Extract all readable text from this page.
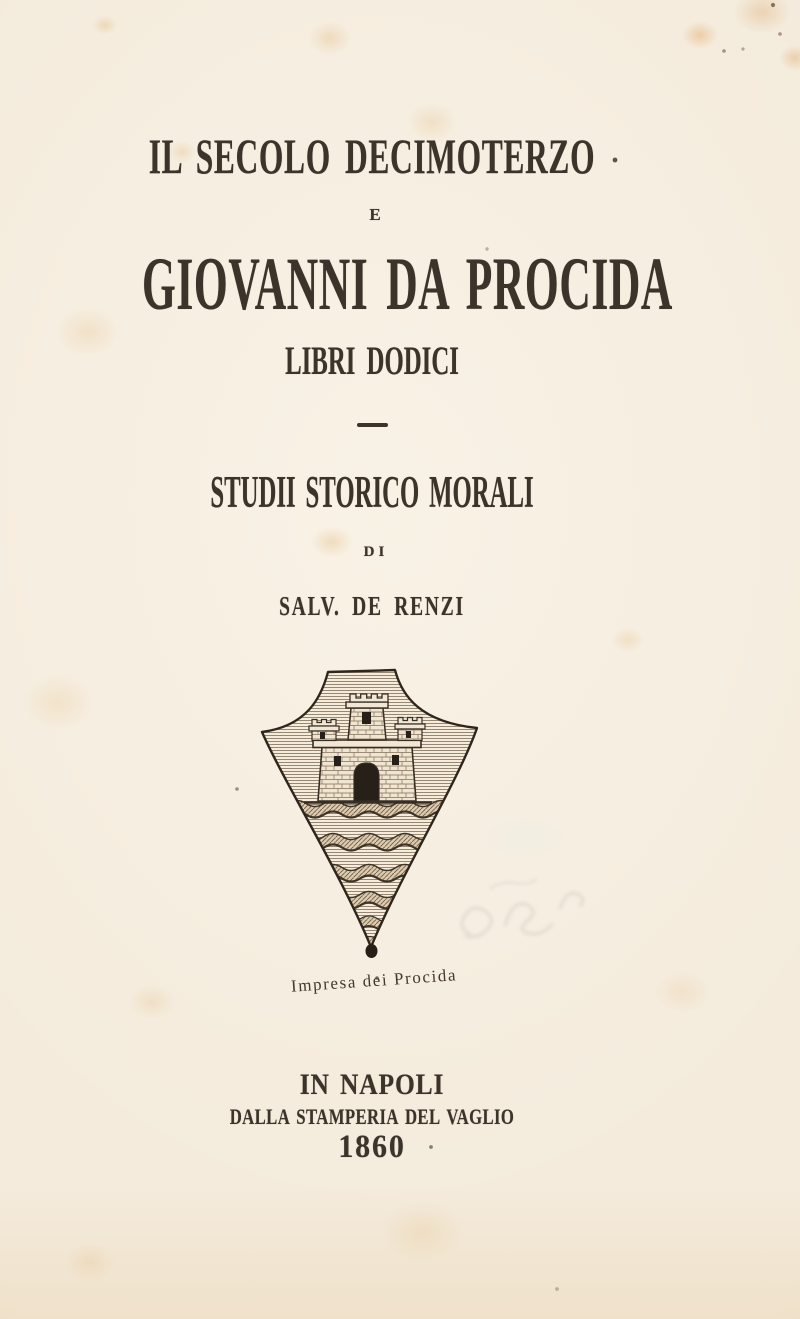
IL SECOLO DECIMOTERZO
E
GIOVANNI DA PROCIDA
LIBRI DODICI
STUDII STORICO MORALI
DI
SALV. DE RENZI
Impresa dei Procida
IN NAPOLI
DALLA STAMPERIA DEL VAGLIO
1860
